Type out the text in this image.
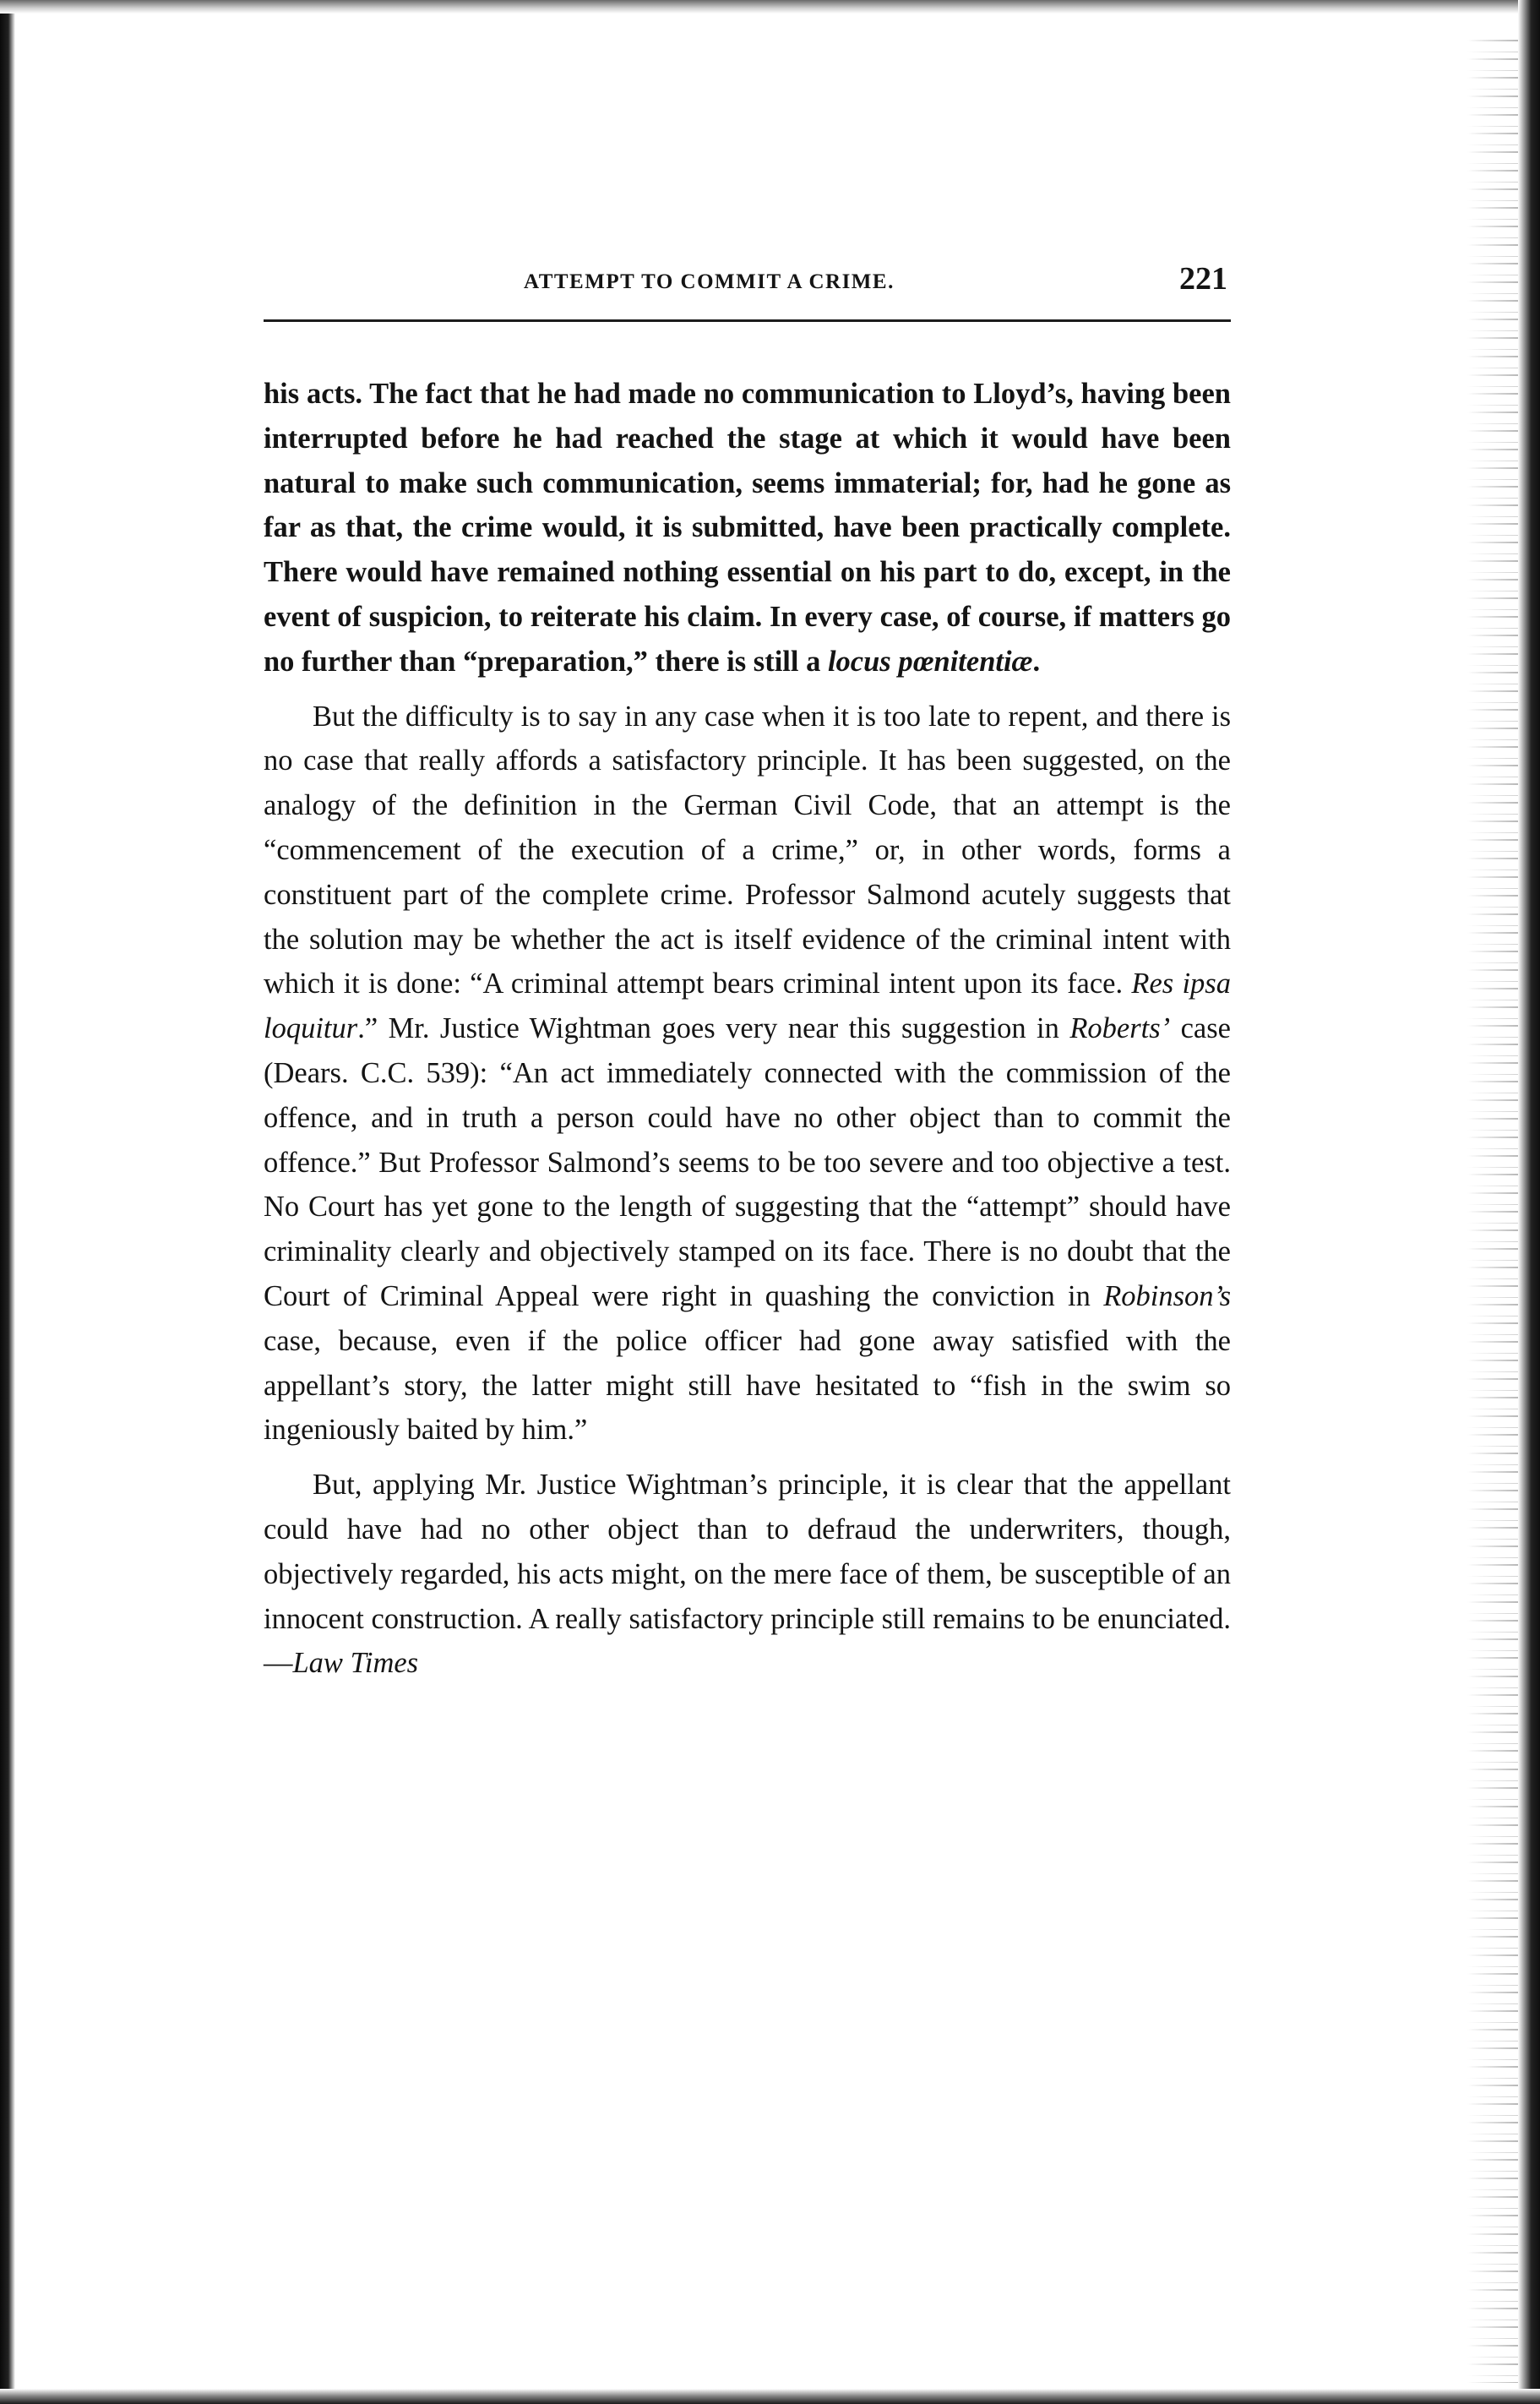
ATTEMPT TO COMMIT A CRIME.	221

his acts. The fact that he had made no communication to Lloyd’s, having been interrupted before he had reached the stage at which it would have been natural to make such communication, seems immaterial; for, had he gone as far as that, the crime would, it is submitted, have been practically complete. There would have remained nothing essential on his part to do, except, in the event of suspicion, to reiterate his claim. In every case, of course, if matters go no further than “preparation,” there is still a locus pœnitentiæ.

But the difficulty is to say in any case when it is too late to repent, and there is no case that really affords a satisfactory principle. It has been suggested, on the analogy of the definition in the German Civil Code, that an attempt is the “commencement of the execution of a crime,” or, in other words, forms a constituent part of the complete crime. Professor Salmond acutely suggests that the solution may be whether the act is itself evidence of the criminal intent with which it is done: “A criminal attempt bears criminal intent upon its face. Res ipsa loquitur.” Mr. Justice Wightman goes very near this suggestion in Roberts’ case (Dears. C.C. 539): “An act immediately connected with the commission of the offence, and in truth a person could have no other object than to commit the offence.” But Professor Salmond’s seems to be too severe and too objective a test. No Court has yet gone to the length of suggesting that the “attempt” should have criminality clearly and objectively stamped on its face. There is no doubt that the Court of Criminal Appeal were right in quashing the conviction in Robinson’s case, because, even if the police officer had gone away satisfied with the appellant’s story, the latter might still have hesitated to “fish in the swim so ingeniously baited by him.”

But, applying Mr. Justice Wightman’s principle, it is clear that the appellant could have had no other object than to defraud the underwriters, though, objectively regarded, his acts might, on the mere face of them, be susceptible of an innocent construction. A really satisfactory principle still remains to be enunciated.—Law Times
